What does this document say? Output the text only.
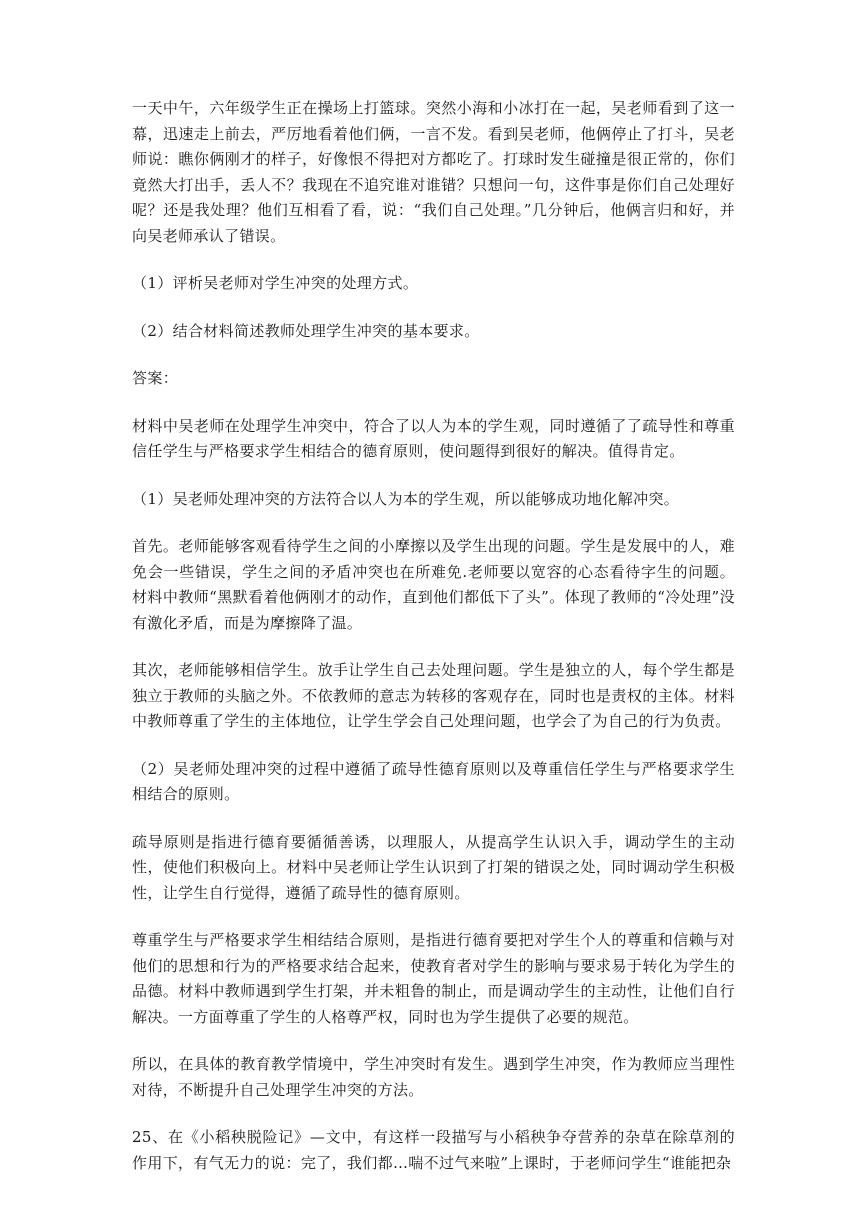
一天中午，六年级学生正在操场上打篮球。突然小海和小冰打在一起，吴老师看到了这一幕，迅速走上前去，严厉地看着他们俩，一言不发。看到吴老师，他俩停止了打斗，吴老师说：瞧你俩刚才的样子，好像恨不得把对方都吃了。打球时发生碰撞是很正常的，你们竟然大打出手，丢人不？我现在不追究谁对谁错？只想问一句，这件事是你们自己处理好呢？还是我处理？他们互相看了看，说：“我们自己处理。”几分钟后，他俩言归和好，并向吴老师承认了错误。

（1）评析吴老师对学生冲突的处理方式。

（2）结合材料简述教师处理学生冲突的基本要求。

答案：

材料中吴老师在处理学生冲突中，符合了以人为本的学生观，同时遵循了了疏导性和尊重信任学生与严格要求学生相结合的德育原则，使问题得到很好的解决。值得肯定。

（1）吴老师处理冲突的方法符合以人为本的学生观，所以能够成功地化解冲突。

首先。老师能够客观看待学生之间的小摩擦以及学生出现的问题。学生是发展中的人，难免会一些错误，学生之间的矛盾冲突也在所难免.老师要以宽容的心态看待字生的问题。材料中教师“黑默看着他俩刚才的动作，直到他们都低下了头”。体现了教师的“冷处理”没有激化矛盾，而是为摩擦降了温。

其次，老师能够相信学生。放手让学生自己去处理问题。学生是独立的人，每个学生都是独立于教师的头脑之外。不依教师的意志为转移的客观存在，同时也是责权的主体。材料中教师尊重了学生的主体地位，让学生学会自己处理问题，也学会了为自己的行为负责。

（2）吴老师处理冲突的过程中遵循了疏导性德育原则以及尊重信任学生与严格要求学生相结合的原则。

疏导原则是指进行德育要循循善诱，以理服人，从提高学生认识入手，调动学生的主动性，使他们积极向上。材料中吴老师让学生认识到了打架的错误之处，同时调动学生积极性，让学生自行觉得，遵循了疏导性的德育原则。

尊重学生与严格要求学生相结结合原则，是指进行德育要把对学生个人的尊重和信赖与对他们的思想和行为的严格要求结合起来，使教育者对学生的影响与要求易于转化为学生的品德。材料中教师遇到学生打架，并未粗鲁的制止，而是调动学生的主动性，让他们自行解决。一方面尊重了学生的人格尊严权，同时也为学生提供了必要的规范。

所以，在具体的教育教学情境中，学生冲突时有发生。遇到学生冲突，作为教师应当理性对待，不断提升自己处理学生冲突的方法。

25、在《小稻秧脱险记》—文中，有这样一段描写与小稻秧争夺营养的杂草在除草剂的作用下，有气无力的说：完了，我们都…喘不过气来啦”上课时，于老师问学生“谁能把杂
